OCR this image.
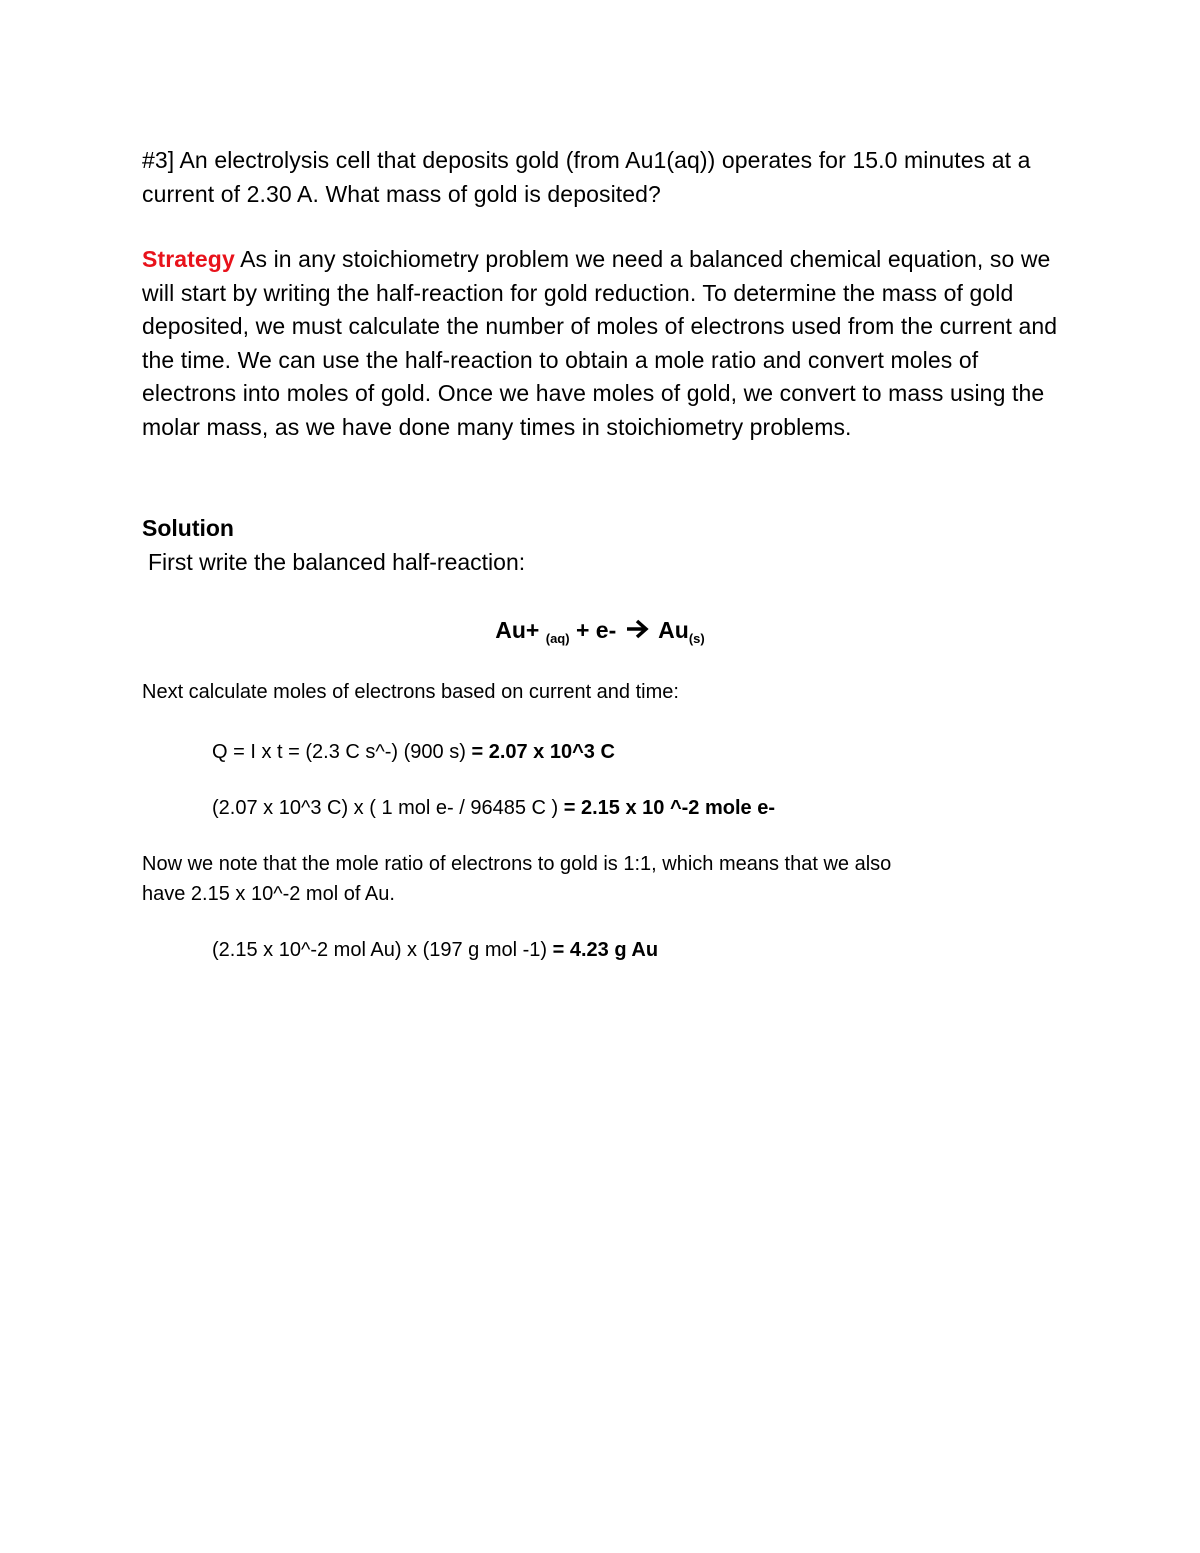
#3] An electrolysis cell that deposits gold (from Au1(aq)) operates for 15.0 minutes at a current of 2.30 A. What mass of gold is deposited?
Strategy As in any stoichiometry problem we need a balanced chemical equation, so we will start by writing the half-reaction for gold reduction. To determine the mass of gold deposited, we must calculate the number of moles of electrons used from the current and the time. We can use the half-reaction to obtain a mole ratio and convert moles of electrons into moles of gold. Once we have moles of gold, we convert to mass using the molar mass, as we have done many times in stoichiometry problems.
Solution
First write the balanced half-reaction:
Au+ $_{(aq)}$ + e-  $Au_{(s)}$
Next calculate moles of electrons based on current and time:
Q = I x t = (2.3 C s^-) (900 s) = 2.07 x 10^3 C
(2.07 x 10^3 C) x ( 1 mol e- / 96485 C ) = 2.15 x 10 ^-2 mole e-
Now we note that the mole ratio of electrons to gold is 1:1, which means that we also
have 2.15 x 10^-2 mol of Au.
(2.15 x 10^-2 mol Au) x (197 g mol -1) = 4.23 g Au
